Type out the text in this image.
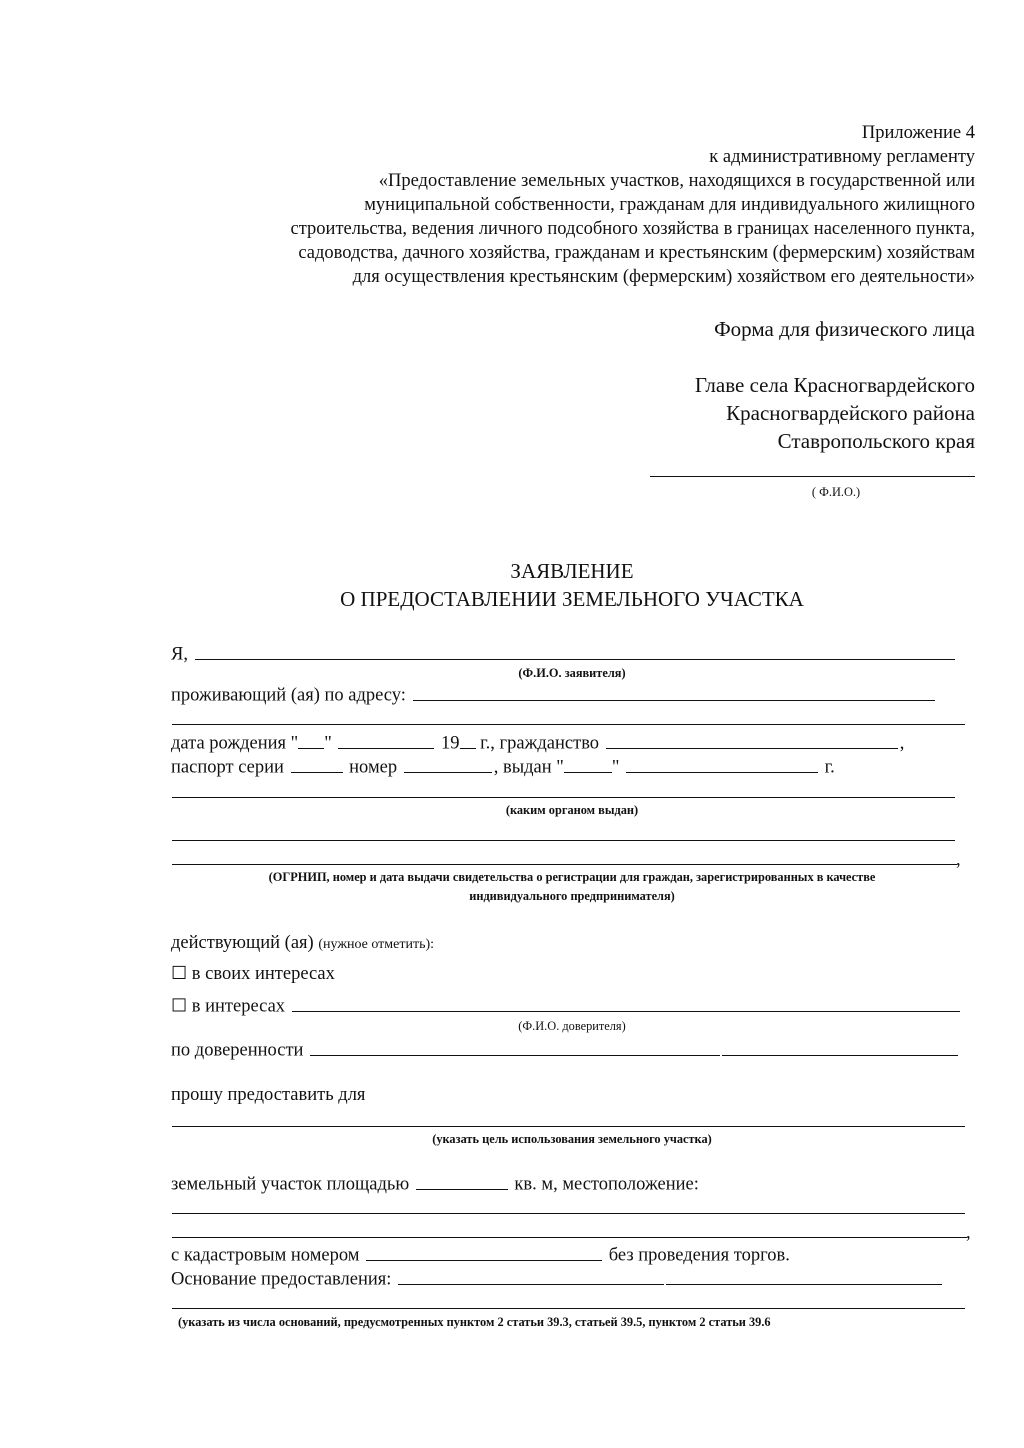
Приложение 4
к административному регламенту
«Предоставление земельных участков, находящихся в государственной или
муниципальной собственности, гражданам для индивидуального жилищного
строительства, ведения личного подсобного хозяйства в границах населенного пункта,
садоводства, дачного хозяйства, гражданам и крестьянским (фермерским) хозяйствам
для осуществления крестьянским (фермерским) хозяйством его деятельности»
Форма для физического лица
Главе села Красногвардейского
Красногвардейского района
Ставропольского края
( Ф.И.О.)
ЗАЯВЛЕНИЕ
О ПРЕДОСТАВЛЕНИИ ЗЕМЕЛЬНОГО УЧАСТКА
Я,
(Ф.И.О. заявителя)
проживающий (ая) по адресу:
дата рождения " "	19 г., гражданство	,
паспорт серии	номер	, выдан "	"	г.
(каким органом выдан)
,
(ОГРНИП, номер и дата выдачи свидетельства о регистрации для граждан, зарегистрированных в качестве
индивидуального предпринимателя)
действующий (ая) (нужное отметить):
☐ в своих интересах
☐ в интересах
(Ф.И.О. доверителя)
по доверенности
прошу предоставить для
(указать цель использования земельного участка)
земельный участок площадью	кв. м, местоположение:
,
с кадастровым номером	без проведения торгов.
Основание предоставления:
(указать из числа оснований, предусмотренных пунктом 2 статьи 39.3, статьей 39.5, пунктом 2 статьи 39.6
